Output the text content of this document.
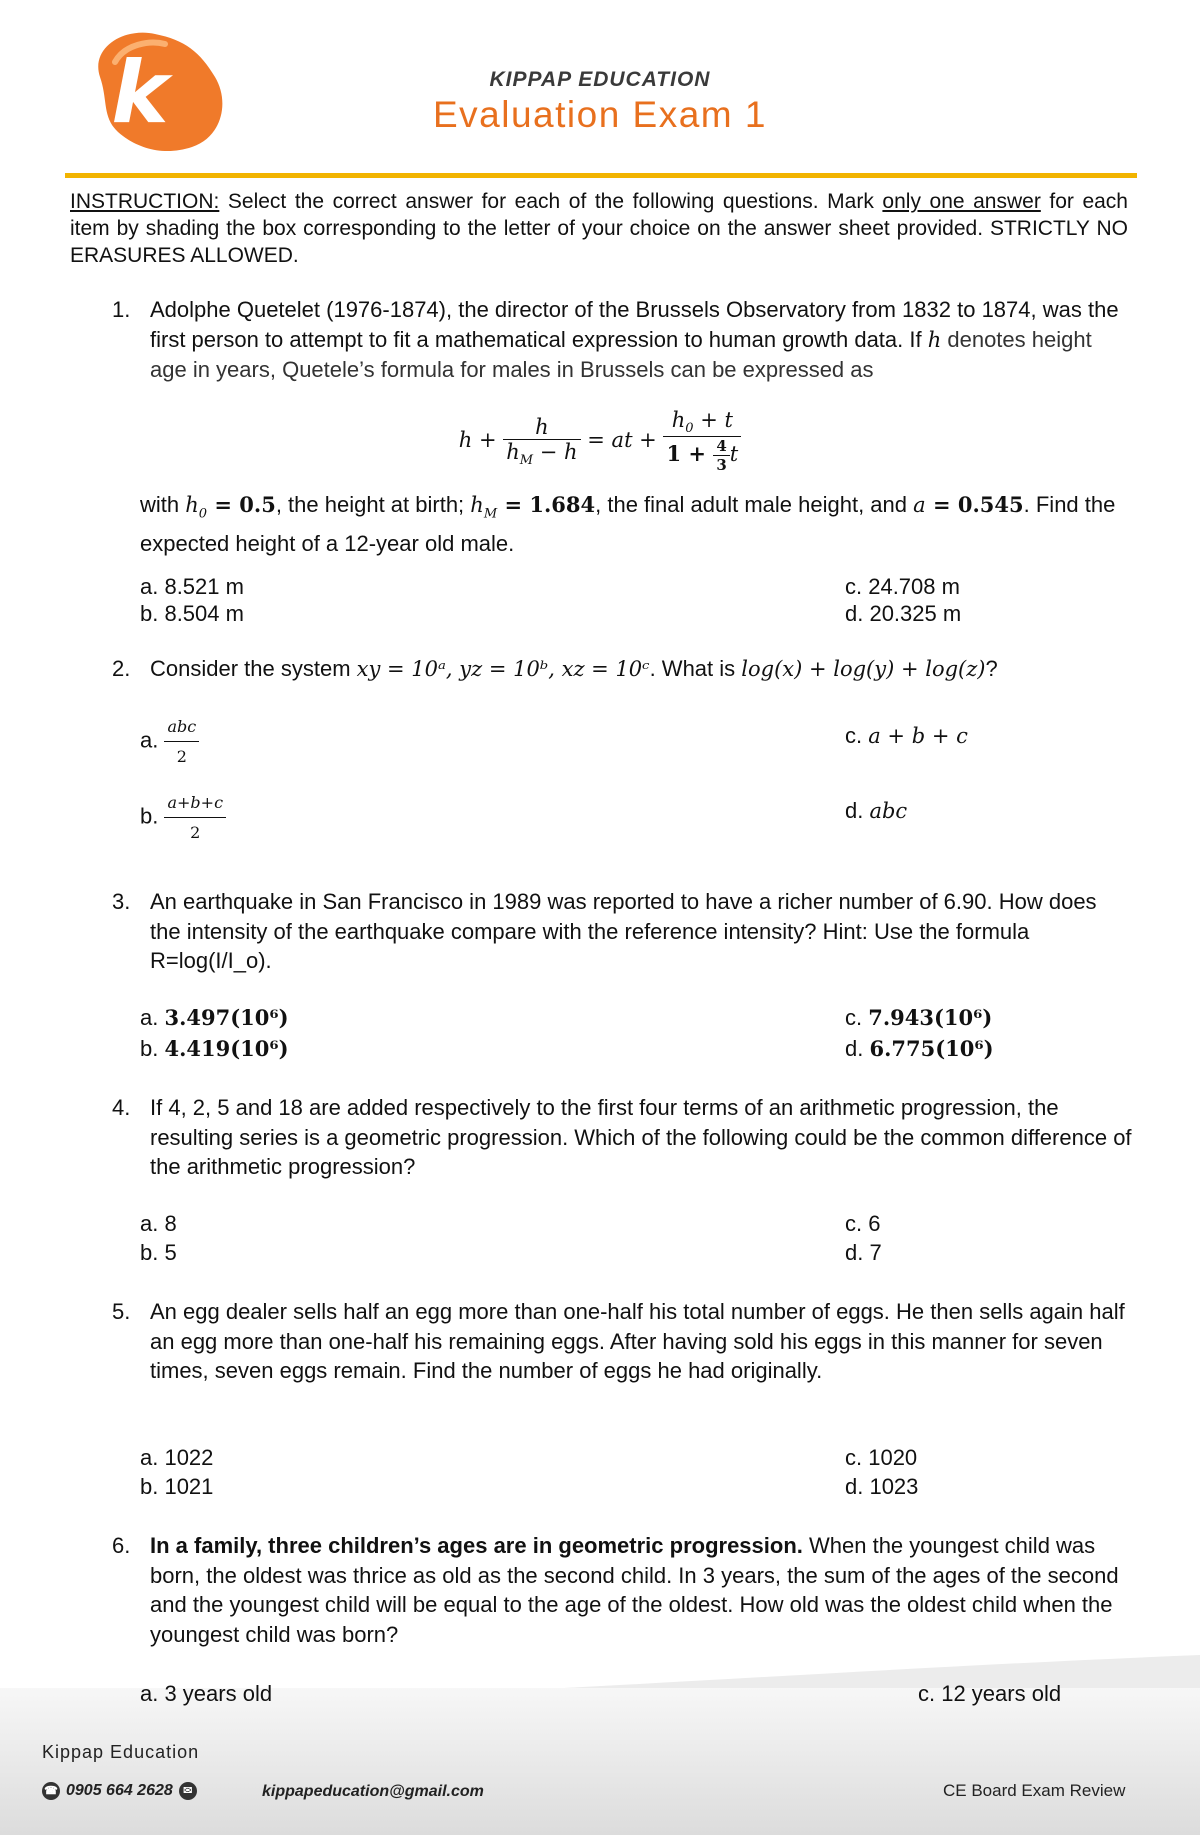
k	KIPPAP EDUCATION
Evaluation Exam 1
INSTRUCTION: Select the correct answer for each of the following questions. Mark only one answer for each item by shading the box corresponding to the letter of your choice on the answer sheet provided. STRICTLY NO ERASURES ALLOWED.
1. Adolphe Quetelet (1976-1874), the director of the Brussels Observatory from 1832 to 1874, was the first person to attempt to fit a mathematical expression to human growth data. If h denotes height age in years, Quetele’s formula for males in Brussels can be expressed as
$h + \frac{h}{h_M - h}$ = at + $\frac{h_0 + t}{1 + \frac{4}{3} t}$
with $h_0 = 0.5$, the height at birth; $h_M = 1.684$, the final adult male height, and a = 0.545. Find the expected height of a 12-year old male.
a. 8.521 m
b. 8.504 m
c. 24.708 m
d. 20.325 m
2. Consider the system xy = 10ᵃ, yz = 10ᵇ, xz = 10ᶜ. What is log(x) + log(y) + log(z)?
a. $\frac{\text{abc}}{2}$
b. $\frac{a+b+c}{2}$
c. a + b + c
d. abc
3. An earthquake in San Francisco in 1989 was reported to have a richer number of 6.90. How does the intensity of the earthquake compare with the reference intensity? Hint: Use the formula R=log(I/I_o).
a. 3.497(10⁶)
b. 4.419(10⁶)
c. 7.943(10⁶)
d. 6.775(10⁶)
4. If 4, 2, 5 and 18 are added respectively to the first four terms of an arithmetic progression, the resulting series is a geometric progression. Which of the following could be the common difference of the arithmetic progression?
a. 8
b. 5
c. 6
d. 7
5. An egg dealer sells half an egg more than one-half his total number of eggs. He then sells again half an egg more than one-half his remaining eggs. After having sold his eggs in this manner for seven times, seven eggs remain. Find the number of eggs he had originally.
a. 1022
b. 1021
c. 1020
d. 1023
6. In a family, three children’s ages are in geometric progression. When the youngest child was born, the oldest was thrice as old as the second child. In 3 years, the sum of the ages of the second and the youngest child will be equal to the age of the oldest. How old was the oldest child when the youngest child was born?
a. 3 years old	c. 12 years old
Kippap Education
☎ 0905 664 2628 ✉	kippapeducation@gmail.com	CE Board Exam Review
